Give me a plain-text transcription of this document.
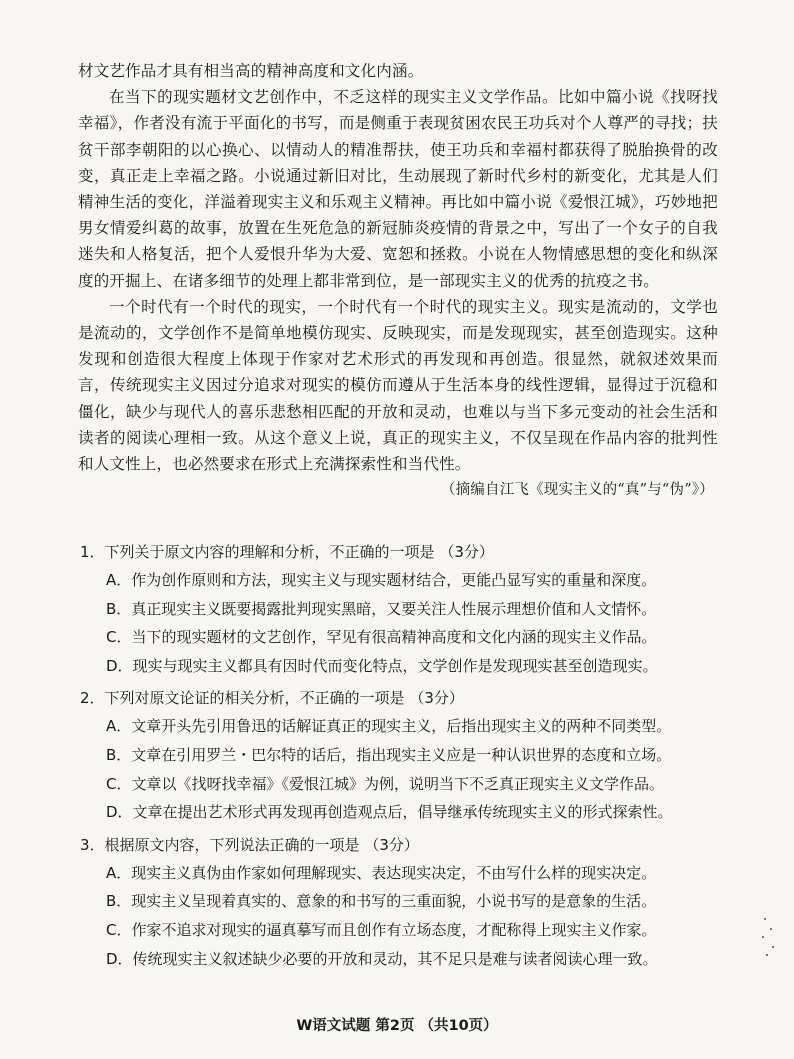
材文艺作品才具有相当高的精神高度和文化内涵。

在当下的现实题材文艺创作中，不乏这样的现实主义文学作品。比如中篇小说《找呀找幸福》，作者没有流于平面化的书写，而是侧重于表现贫困农民王功兵对个人尊严的寻找；扶贫干部李朝阳的以心换心、以情动人的精准帮扶，使王功兵和幸福村都获得了脱胎换骨的改变，真正走上幸福之路。小说通过新旧对比，生动展现了新时代乡村的新变化，尤其是人们精神生活的变化，洋溢着现实主义和乐观主义精神。再比如中篇小说《爱恨江城》，巧妙地把男女情爱纠葛的故事，放置在生死危急的新冠肺炎疫情的背景之中，写出了一个女子的自我迷失和人格复活，把个人爱恨升华为大爱、宽恕和拯救。小说在人物情感思想的变化和纵深度的开掘上、在诸多细节的处理上都非常到位，是一部现实主义的优秀的抗疫之书。

一个时代有一个时代的现实，一个时代有一个时代的现实主义。现实是流动的，文学也是流动的，文学创作不是简单地模仿现实、反映现实，而是发现现实，甚至创造现实。这种发现和创造很大程度上体现于作家对艺术形式的再发现和再创造。很显然，就叙述效果而言，传统现实主义因过分追求对现实的模仿而遵从于生活本身的线性逻辑，显得过于沉稳和僵化，缺少与现代人的喜乐悲愁相匹配的开放和灵动，也难以与当下多元变动的社会生活和读者的阅读心理相一致。从这个意义上说，真正的现实主义，不仅呈现在作品内容的批判性和人文性上，也必然要求在形式上充满探索性和当代性。

（摘编自江飞《现实主义的“真”与“伪”》）

1．下列关于原文内容的理解和分析，不正确的一项是 （3分）

A．作为创作原则和方法，现实主义与现实题材结合，更能凸显写实的重量和深度。
B．真正现实主义既要揭露批判现实黑暗，又要关注人性展示理想价值和人文情怀。
C．当下的现实题材的文艺创作，罕见有很高精神高度和文化内涵的现实主义作品。
D．现实与现实主义都具有因时代而变化特点，文学创作是发现现实甚至创造现实。

2．下列对原文论证的相关分析，不正确的一项是 （3分）

A．文章开头先引用鲁迅的话解证真正的现实主义，后指出现实主义的两种不同类型。
B．文章在引用罗兰・巴尔特的话后，指出现实主义应是一种认识世界的态度和立场。
C．文章以《找呀找幸福》《爱恨江城》为例，说明当下不乏真正现实主义文学作品。
D．文章在提出艺术形式再发现再创造观点后，倡导继承传统现实主义的形式探索性。

3．根据原文内容，下列说法正确的一项是 （3分）

A．现实主义真伪由作家如何理解现实、表达现实决定，不由写什么样的现实决定。
B．现实主义呈现着真实的、意象的和书写的三重面貌，小说书写的是意象的生活。
C．作家不追求对现实的逼真摹写而且创作有立场态度，才配称得上现实主义作家。
D．传统现实主义叙述缺少必要的开放和灵动，其不足只是难与读者阅读心理一致。
W语文试题 第2页 （共10页）
